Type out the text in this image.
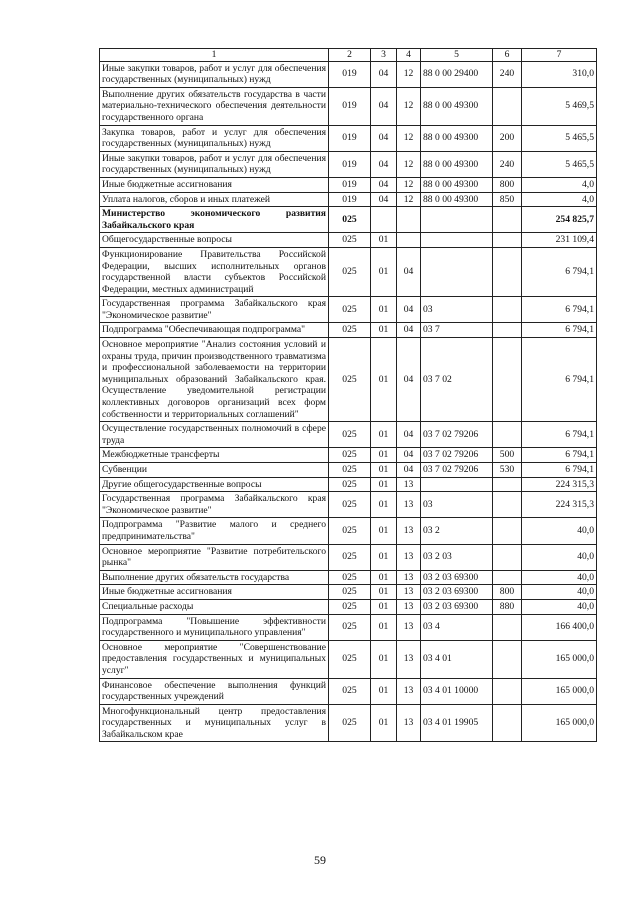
1	2	3	4	5	6	7
Иные закупки товаров, работ и услуг для обеспечения государственных (муниципальных) нужд	019	04	12	88 0 00 29400	240	310,0
Выполнение других обязательств государства в части материально-технического обеспечения деятельности государственного органа	019	04	12	88 0 00 49300		5 469,5
Закупка товаров, работ и услуг для обеспечения государственных (муниципальных) нужд	019	04	12	88 0 00 49300	200	5 465,5
Иные закупки товаров, работ и услуг для обеспечения государственных (муниципальных) нужд	019	04	12	88 0 00 49300	240	5 465,5
Иные бюджетные ассигнования	019	04	12	88 0 00 49300	800	4,0
Уплата налогов, сборов и иных платежей	019	04	12	88 0 00 49300	850	4,0
Министерство экономического развития Забайкальского края	025					254 825,7
Общегосударственные вопросы	025	01				231 109,4
Функционирование Правительства Российской Федерации, высших исполнительных органов государственной власти субъектов Российской Федерации, местных администраций	025	01	04			6 794,1
Государственная программа Забайкальского края "Экономическое развитие"	025	01	04	03		6 794,1
Подпрограмма "Обеспечивающая подпрограмма"	025	01	04	03 7		6 794,1
Основное мероприятие "Анализ состояния условий и охраны труда, причин производственного травматизма и профессиональной заболеваемости на территории муниципальных образований Забайкальского края. Осуществление уведомительной регистрации коллективных договоров организаций всех форм собственности и территориальных соглашений"	025	01	04	03 7 02		6 794,1
Осуществление государственных полномочий в сфере труда	025	01	04	03 7 02 79206		6 794,1
Межбюджетные трансферты	025	01	04	03 7 02 79206	500	6 794,1
Субвенции	025	01	04	03 7 02 79206	530	6 794,1
Другие общегосударственные вопросы	025	01	13			224 315,3
Государственная программа Забайкальского края "Экономическое развитие"	025	01	13	03		224 315,3
Подпрограмма "Развитие малого и среднего предпринимательства"	025	01	13	03 2		40,0
Основное мероприятие "Развитие потребительского рынка"	025	01	13	03 2 03		40,0
Выполнение других обязательств государства	025	01	13	03 2 03 69300		40,0
Иные бюджетные ассигнования	025	01	13	03 2 03 69300	800	40,0
Специальные расходы	025	01	13	03 2 03 69300	880	40,0
Подпрограмма "Повышение эффективности государственного и муниципального управления"	025	01	13	03 4		166 400,0
Основное мероприятие "Совершенствование предоставления государственных и муниципальных услуг"	025	01	13	03 4 01		165 000,0
Финансовое обеспечение выполнения функций государственных учреждений	025	01	13	03 4 01 10000		165 000,0
Многофункциональный центр предоставления государственных и муниципальных услуг в Забайкальском крае	025	01	13	03 4 01 19905		165 000,0
59
